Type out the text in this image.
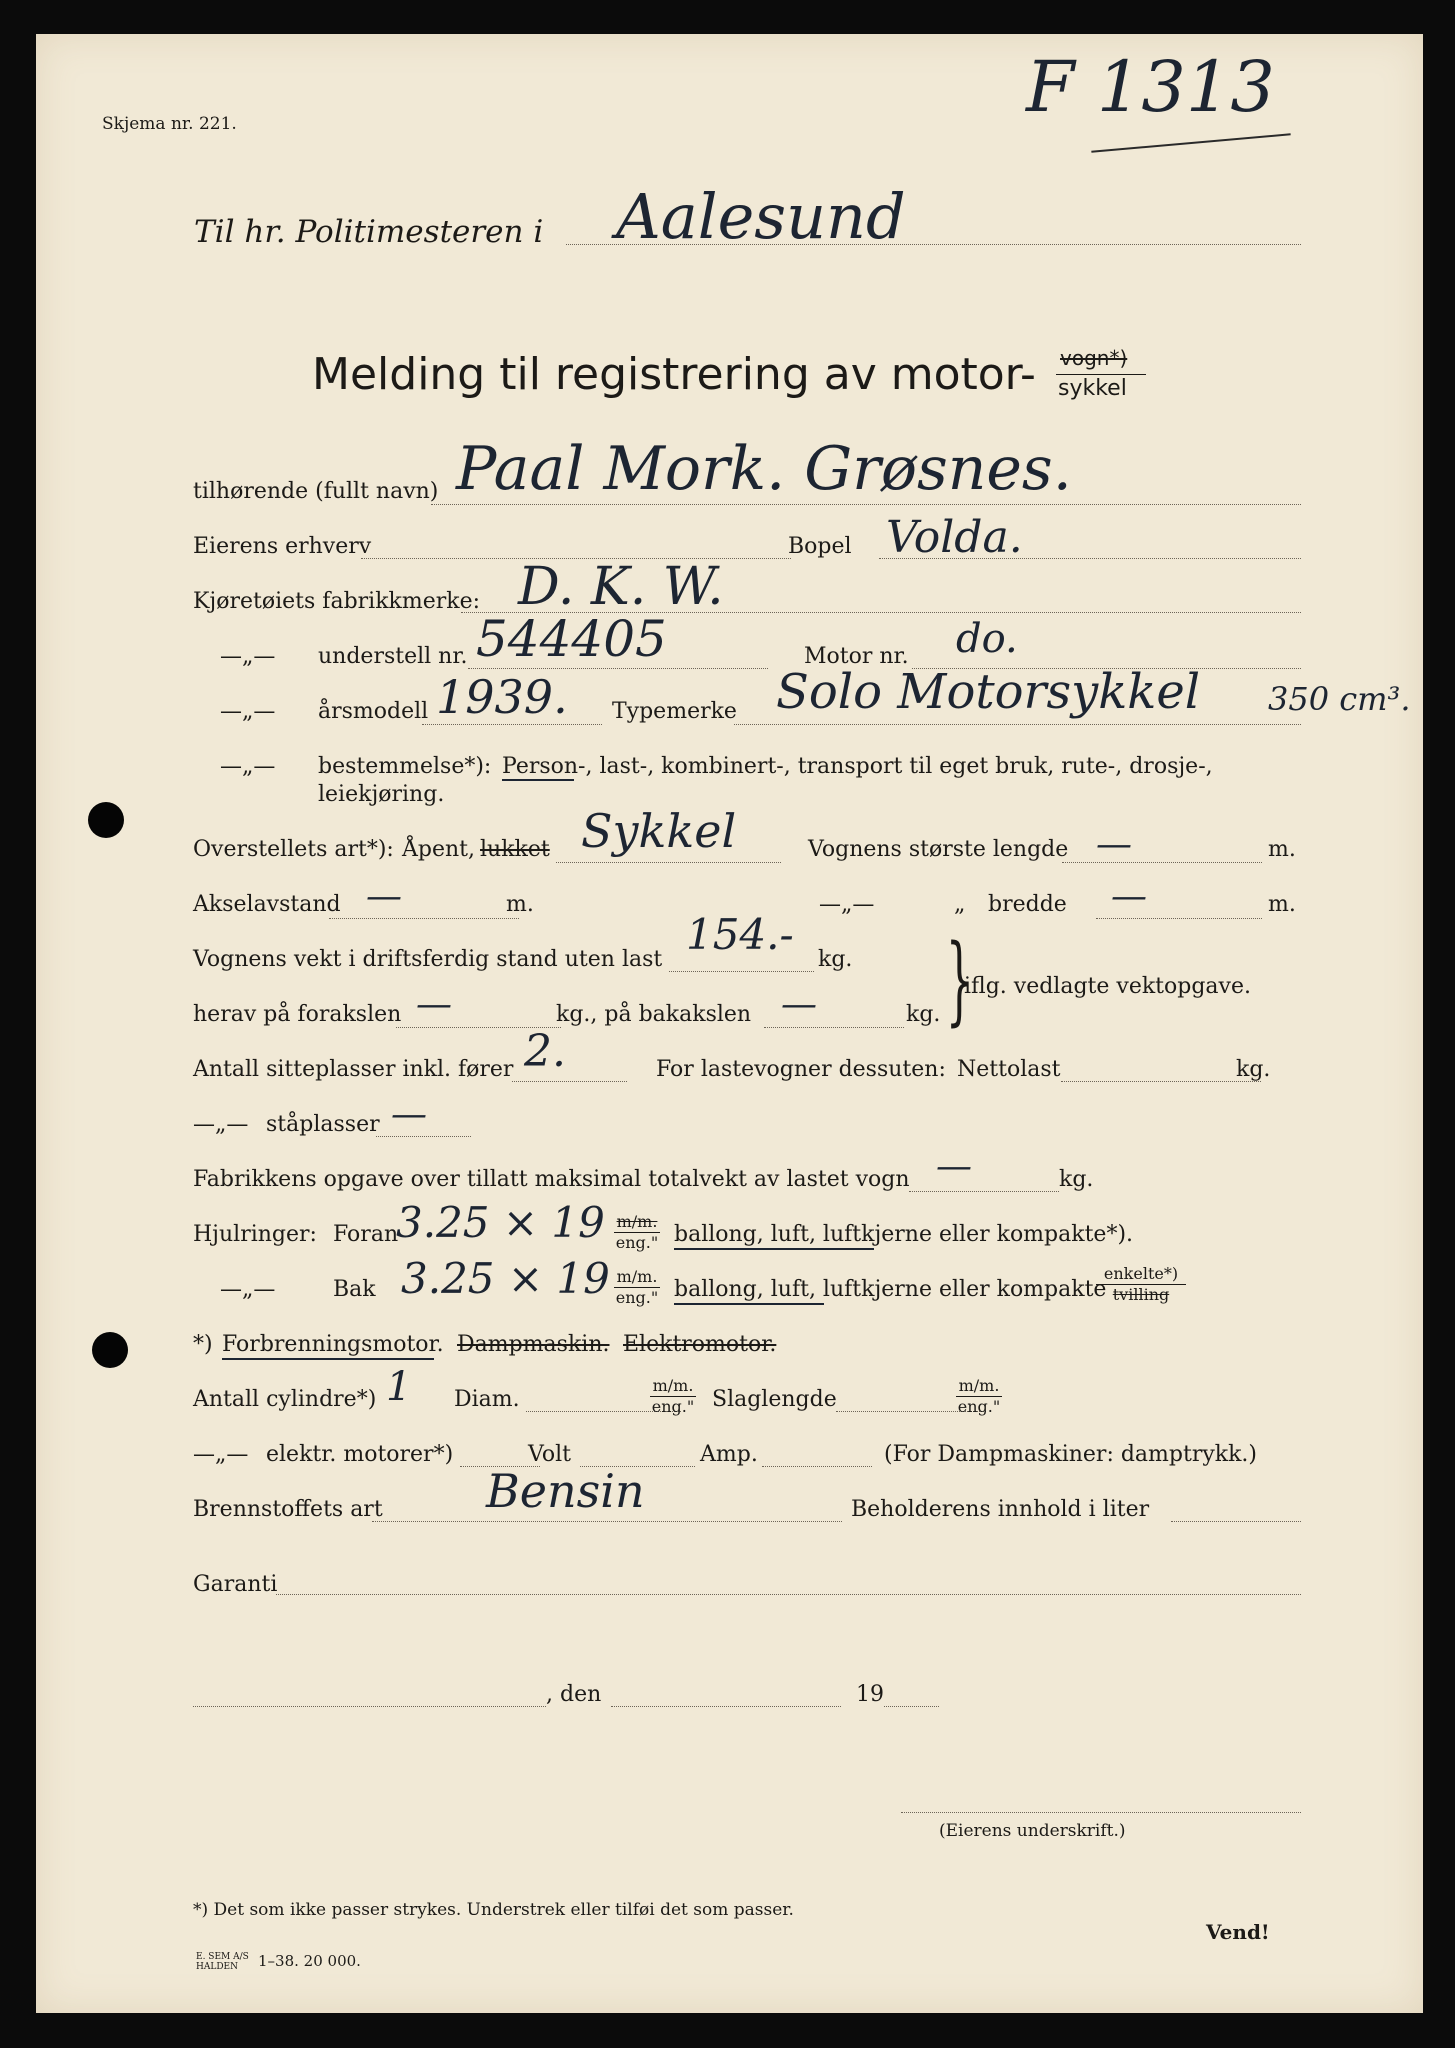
Skjema nr. 221.	F 1313
Til hr. Politimesteren i Aalesund
Melding til registrering av motor- vogn*)
sykkel
tilhørende (fullt navn) Paal Mork. Grøsnes.
Eierens erhverv	Bopel Volda.
Kjøretøiets fabrikkmerke: D. K. W.
—„— understell nr. 544405	Motor nr. do.
—„— årsmodell 1939. Typemerke Solo Motorsykkel 350 cm³.
—„— bestemmelse*): Person-, last-, kombinert-, transport til eget bruk, rute-, drosje-,
leiekjøring.
Overstellets art*): Åpent, lukket Sykkel	Vognens største lengde —	m.
Akselavstand —	m.	—„—	„ bredde —	m.
Vognens vekt i driftsferdig stand uten last
154.-
kg. }
iflg. vedlagte vektopgave.
herav på forakslen —	kg., på bakakslen —	kg.
Antall sitteplasser inkl. fører 2.	For lastevogner dessuten: Nettolast	kg.
—„— ståplasser —
Fabrikkens opgave over tillatt maksimal totalvekt av lastet vogn —	kg.
Hjulringer: Foran
3.25 × 19 m/m.
eng." ballong, luft, luftkjerne eller kompakte*).
—„—	Bak 3.25 × 19 m/m.
eng." ballong, luft, luftkjerne eller kompakte
enkelte*)
tvilling
*) Forbrenningsmotor. Dampmaskin. Elektromotor.
Antall cylindre*) 1 Diam.
m/m.
eng." Slaglengde
m/m.
eng."
—„— elektr. motorer*)	Volt	Amp.	(For Dampmaskiner: damptrykk.)
Brennstoffets art Bensin	Beholderens innhold i liter
Garanti
, den	19
(Eierens underskrift.)
*) Det som ikke passer strykes. Understrek eller tilføi det som passer.
Vend!
E. SEM A/S
HALDEN	1–38. 20 000.
